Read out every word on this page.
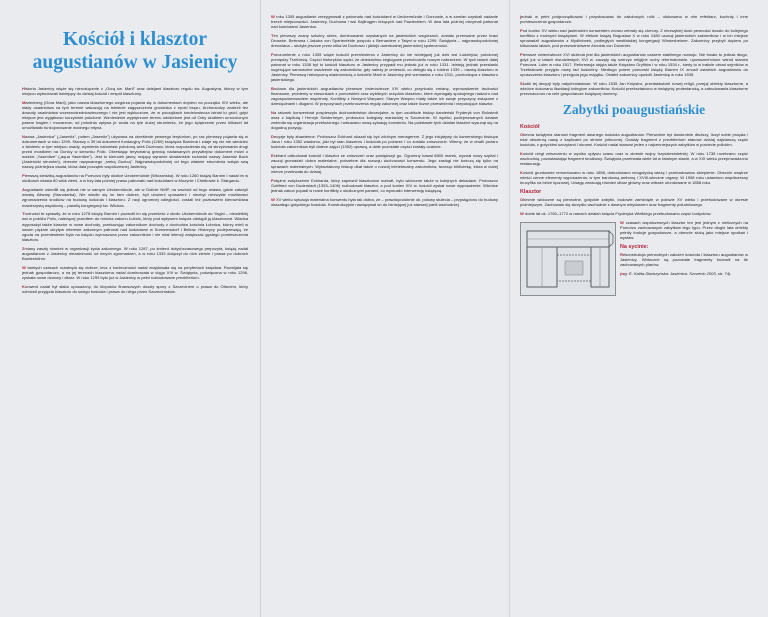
Kościół i klasztor augustianów w Jasienicy

Historia Jasienicy więże się nierozłącznie z „Górą św. Marii” oraz dziejami klasztoru regulu św. Augustyna, którzy w tym miejscu wybudowali istniejący do dzisiaj kościół i zespół klasztorny.

Marienberg (Góra Marii), jako nazwa klasztornego wzgórza pojawia się w dokumentach dopiero na początku XIV wieku, ale ślady osadnictwa na tym terenie wskazują na istnienie zagęszczenia grodziska z epoki brązu. Archeolodzy znaleźli też dowody osadnictwa wczesnośredniowiecznego i nie jest wykluczone, że w początkach średniowiecza istniał tu gród, gdyż miejsce jest wyjątkowo korzystnie położone. Wzniesienie wypiętrzone terenu oddzielone jest od Odry skutkiem umocnionym pasem bagien i mocarzów; od południa opływa je woda na tyle dużej strumienia, że jego śpiętrzenie przez kilkaset lat umożliwiało funkcjonowanie wodnego młyna.

Nazwa „Jasienica” („Jasenitz”, potem „Jasenitz”) używana na określenie pewnego terytorium, po raz pierwszy pojawia się w dokumentach w roku 1299. Starszy o 39 lat dokument fundacyjny Polic (1260) książęcia Barnima I zdaje się nie nie wiedzieć o istnieniu w tym miejscu osady, wymienia natomiast położoną wieś Duchowo, która rozpościerała się od skrzyżowania drogi przed mostkiem na Gunicy w kierunku Polic. Określając terytorialną granicę nadawanych przywilejów dokument mówi o wodzie „Yasenitze” („aqua Yasenitze”). Jest to kierunek jasny, mający wyraźne słowiańskie rodowód nazwy Jasenitz Bach (Jasienicki strumień), obecnie nazywanego „rzeką Gunicą”. Najprawdopodobniej od tego właśnie strumienia wzięła swą nazwę późniejsza osada, która dała początek współczesnej Jasienicy.

Pierwszą siedzibą augustianów na Pomorzu były okolice Ueckermünde (Wkrzańska). W roku 1260 książę Barnim I nadał im w okolicach miasta 60 włók ziemi, a w trzy lata później prawo patronatu nad kościołami w Mozynie i Chełbowie k. Stargardu.

Augustianie osiedlili się jednak nie w samym Ueckermünde, ale w Dolinie NMP, na wschód od tego miasta, gdzie założyli wioskę Altwarp (Starodarba). Nie wiedło się im tam dobrze, byli ubożeni uposażeni i niezbyt niezwykłe możliwości zgromadzenia środków na budowę kościoła i klasztoru. Z racji ogromnej odległości, zostali też pozbawieni kierownictwa macierzystą współnotą – parafią kongregacji św. Wildora.

Trudności te sprawiły, że w roku 1278 książę Barnim I pozwolił im się przenieść z okolic Ueckermünde do Yagini – niewielkiej wsi w pobliżu Polic, należącej przedtem do mnicha zakonu Łubnic, który pod wpływem księcia odstąpił ją klasztorowi. Władca wyposażył także klasztor w nowe dochody, przekazując zakonnikom dochody z dochodów kościoła Łubnica, którzy mieli w swoim pięknie ukrytym interesie zakonnym patronat nad kościołami w Sommersdorf i Bellow. Historycy podejrzewają, że zgoda na przeniesienie była na księciu wymuszona przez zakonników i nie miał intencji zwiększać gęstego pomieszczenia klasztoru.

Zmiany zaszły również w organizacji życia zakonnego. W roku 1287, po śmierci dotychczasowego prepozyta, książę nadał augustianom z Jasienicy niezależność od innych zgromadzeń, a w roku 1333 dołączył do nich ziemie i prawa po dobrach Bordeshöhm.

W tamtych czasach rozwinęła się dobrze, lecz z konieczności nadal znajdowała się na peryferiach księstwa. Rozwijała się jednak gospodarczo, a na jej terenach klasztorna nadal dominowała w ciągu XIII w. Świątynia, poświęcona w roku 1298, zyskała nowe dzwony i ołtarz. W roku 1299 było już w Jasienicy w pełni rozbudowane prezbiterium.

Konwent nadal był słabo uposażony, do kłopotów finansowych doszły spory z Szczecinem o prawa do Ottonem, który odmówił przyjęcia klasztoru do swego kościoła i prawa do niego przez Szczeciniaków.

W roku 1305 augustianie zrezygnowali z patronatu nad kościołami w Ueckermünde i Gorzowie, a w zamian uzyskali nadanie trzech miejscowości: Jasienicy, Duchowa i wsi Kajlinągen leżących nad Pawieckiem. W dwa lata później otrzymali patronat nad kościołami Jasienica.

Ten pierwszy znany szkolny okres, dominowanie uzyskanych na jasienickich wzgórzach, zostało przerwane przez braci Droseke. Bertrama i Jakuba von Spartenfelde pospołu z Bernardem z Tatyni w roku 1299. Świątynia – najprawdopodobniej drewniana – służyła jeszcze przez kilka lat Duchowu i jakiejś owentualnej jasienickiej społeczności.

Porozumienie z roku 1305 wiąże kościół przeniesienia z Jasienicy do nie istniejącej już dziś wsi Łudziejów, położonej pomiędzy Trzebieżą. Części historyków sądzi, że dziedzictwo żeglugowe przechodziło nowym nabrzeżem. W tych latach dalej patronat w roku 1338 był to kościół klasztoru w Jasienicy przypadł mu jednak już w roku 1331. Istnieją jednak przesłanki sugerujące samowolne osadzenie się zakonników, gdy należy je umieścić, co zbiegło się z rokiem 1339 – nazwą klasztoru w Jasienicy. Pierwszą historyczną wiadomością o kościele Marii w Jasienicy jest wzmianka z roku 1331, pochodząca z klasztoru jasienickiego.

Budowa dla jasienickich augustianów pierwsze ćwierćwiecze XIV wieku przyniosło zmianę, wprowadzenie trudności finansowe, problemy w stosunkach z pomorskimi oraz wybitnych urzędów klasztoru, które wymagały spokojnego nadzoru nad zagospodarowaniem wspólnoty. Konflikty z Nowymi Warpami, Starym Warpno miały także ich swoje przyczyny związane z dziesięcinami i długami. W przyczynach przekroczenia reguły zakonnej oraz także liczne przewinienia i niepokojące klasztor.

Na ratunek konwentowi pospieszyło duchowieństwo diecezjalne, w tym osobiście biskup kamieński Fryderyk von Eickstedt wraz z kapitułą i Henryk Swiderheyer, proboszcz kolegiaty mariackiej w Szczecinie. W wyniku podejmowanych działań zmieniła się organizacja przełożonego i wskazano nową sytuację konwentu. Na podstawie tych działań klasztor wysunął się na dogodną pozycję.

Decyzje były zbawienne. Proboszcz Eckhard okazał się być zdolnym menagerem. Z jego inicjatywy do kameralnego biskupa Jana I roku 1352 wiadomo, jaki był stan klasztoru i kościoła po pożarze i co zostało zniszczone. Wiemy, że w chwili pożaru kościoła zakonników byli dalece zajęci (1352) uprawą, a dwie pozostałe części zostały ocalone.

Eckhard odbudował kościół i klasztor ze zniszczeń oraz powiększył go. Ogromny kawał 6800 marek, wyznał nowy szpital i zaczął gromadzić dobra materialne, potrzebne dla rozwoju duchowości konwentu. Jego zasługi nie kończą się tylko na sprawach materialnych. Wykształcony biskup dbał także o rozwój intelektualny zakonników, tworząc bibliotekę, która w dużej mierze przetrwała do dzisiaj.

Potężne zwiększenie Eckharda, który zapewnił klasztorowi rozkwit, było widoczne także w kolejnych dekadach. Proboszcz Gottfried von Dudersladt (1393–1406) rozbudował klasztor, a pod koniec XIV w. kościół zyskał nowe wyposażenie. Wkrótce jednak zakon popadł w nowe konflikty z okolicznymi panami, co wymusiło interwencję książęcą.

W XV wieku sytuacja materialna konwentu była tak dobra, że – prawdopodobnie ok. połowy stulecia – przystąpiono do budowy okazałego gotyckiego kościoła. Konstrukcyjnie nawiązywał on do istniejącej już starszej partii wschodniej.

jednak w pełni podporządkować i przystosować do założonych rolić – ułokowano w nim refektarz, kuchnię i inne pomieszczenia gospodarcze.

Pod koniec XV wieku nad jasienickim konwentem znowu zebrały się chmury. Z niezwykłej dość pewności doszło do kolejnego konfliktu z możnymi książętami. W efekcie książę Bogusław X w roku 1480 usunął jasienickich zakonników i w ich miejsce sprowadził augustianów z Mydlinbeek, podległych westfalskiej kongregacji Windesheimer. Zakonnicy przybyli dopiero po kilkunastu latach, pod przewodnictwem Arnolda von Doventer.

Pierwsze ćwierćwiecze XVI stulecia jest dla jasienickich augustianów czasem stabilnego rozwoju. Nie trwało to jednak długo, gdyż już w latach dwudziestych XVI w. zaczęły się szerzyć religijne ruchy reformatorskie, upowszechnione wśród stanów Pomorza. Luter w roku 1517. Reformacja objęła także Księstwo Gryfitów i w roku 1534 r., kiedy to w trakcie obrad sejmików w Trzebiatowie przyjęto nowy ład kościelny. Niedługo potem pomorski książę Barnim IX zmusił ostatnich augustianów do opuszczenia klasztoru i przejęcia jego majątku. Ostatni zakonnicy opuścili Jasienicę w roku 1535.

Skutki tej decyzji były natychmiastowe. W roku 1535 Jan Knipstro, przedstawiciel nowej religii, przejął obiekty klasztorne, a wkrótce dokonano likwidacji kolegium zakonników. Kościół przekształcono w świątynię protestancką, a zabudowania klasztorne przeznaczono na cele gospodarcze książęcej domeny.

Zabytki poaugustiańskie
Kościół

Obecna świątynia stanowi fragment dawnego kościoła augustianów. Pierwotnie był dwukrotnie dłuższy, liczył sobie przęsła i miał obszerną nawę z kaplicami po stronie północnej. Ocalały fragment z prezbiterium stanowi dzisiaj najstarszą część kościoła, z gotyckimi szczytami i oknami. Kościół nadal stanowi jeden z najcenniejszych zabytków w powiecie polickim.

Kościół uległ zniszczeniu w wyniku upływu czasu oraz w okresie wojny trzydziestoletniej. W roku 1735 rozebrano część wschodnią, pozostawiając fragment środkowy. Świątynia przetrwała wiele lat w fatalnym stanie, a w XIX wieku przeprowadzono restaurację.

Kościół gruntownie remontowano w roku 1858, dobudowano neogotycką wieżę i przebudowano sklepienie. Obecnie wnętrze mieści cenne elementy wyposażenia, w tym barokową ambonę i XVIII-wieczne organy. W 1998 roku ustawiono współczesny krucyfiks na belce tęczowej. Uwagę zwracają również ołtarz główny oraz witraże ufundowane w 1858 roku.

Klasztor

Obecnie widoczne są pierwotne, gotyckie zabytki, budowle zamknięte w połowie XV wieku i przebudowane w okresie późniejszym. Zachowało się skrzydło wschodnie z dawnym wirydarzem oraz fragmenty południowego.

W dobie lat ok. 1760–1772 w ramach działań księcia Fryderyka Wielkiego przebudowano część budynków.

W czasach współczesnych klasztor ten jest jednym z nielicznych na Pomorzu zachowanych zabytków tego typu. Przez długie lata obiekty pełniły funkcje gospodarcze, a obecnie służą jako miejsce spotkań i wystaw.

Na sycinie:

Rekonstrukcja pierwotnych założeń kościoła i klasztoru augustianów w Jasienicy. Widoczne są pozostałe fragmenty budowli na tle zachowanych planów.

(wg: E. Kalita-Skwirzyńska: Jasienica. Szczecin 2003, str. 74).
